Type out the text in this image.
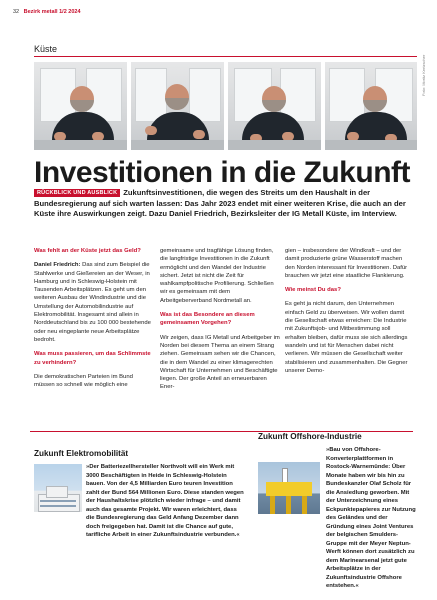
32 Bezirk metall 1/2 2024
Küste
Foto: Moritz Kertzscher
Investitionen in die Zukunft
RÜCKBLICK UND AUSBLICK Zukunftsinvestitionen, die wegen des Streits um den Haushalt in der Bundesregierung auf sich warten lassen: Das Jahr 2023 endet mit einer weiteren Krise, die auch an der Küste ihre Auswirkungen zeigt. Dazu Daniel Friedrich, Bezirksleiter der IG Metall Küste, im Interview.

Was fehlt an der Küste jetzt das Geld?

Daniel Friedrich: Das sind zum Beispiel die Stahlwerke und Gießereien an der Weser, in Hamburg und in Schleswig-Holstein mit Tausenden Arbeitsplätzen. Es geht um den weiteren Ausbau der Windindustrie und die Umstellung der Automobilindustrie auf Elektromobilität. Insgesamt sind allein in Norddeutschland bis zu 100 000 bestehende oder neu eingeplante neue Arbeitsplätze bedroht.

Was muss passieren, um das Schlimmste zu verhindern?

Die demokratischen Parteien im Bund müssen so schnell wie möglich eine

gemeinsame und tragfähige Lösung finden, die langfristige Investitionen in die Zukunft ermöglicht und den Wandel der Industrie sichert. Jetzt ist nicht die Zeit für wahlkampfpolitische Profilierung. Schließen wir es gemeinsam mit dem Arbeitgeberverband Nordmetall an.

Was ist das Besondere an diesem gemeinsamen Vorgehen?

Wir zeigen, dass IG Metall und Arbeitgeber im Norden bei diesem Thema an einem Strang ziehen. Gemeinsam sehen wir die Chancen, die in dem Wandel zu einer klimagerechten Wirtschaft für Unternehmen und Beschäftigte liegen. Der große Anteil an erneuerbaren Ener-

gien – insbesondere der Windkraft – und der damit produzierte grüne Wasserstoff machen den Norden interessant für Investitionen. Dafür brauchen wir jetzt eine staatliche Flankierung.

Wie meinst Du das?

Es geht ja nicht darum, den Unternehmen einfach Geld zu überweisen. Wir wollen damit die Gesellschaft etwas erreichen: Die Industrie mit Zukunftsjob- und Mitbestimmung soll erhalten bleiben, dafür muss sie sich allerdings wandeln und ist für Menschen dabei nicht verlieren. Wir müssen die Gesellschaft weiter stabilisieren und zusammenhalten. Die Gegner unserer Demo-

Zukunft Elektromobilität
»Der Batteriezellhersteller Northvolt will ein Werk mit 3000 Beschäftigten in Heide in Schleswig-Holstein bauen. Von der 4,5 Milliarden Euro teuren Investition zahlt der Bund 564 Millionen Euro. Diese standen wegen der Haushaltskrise plötzlich wieder infrage – und damit auch das gesamte Projekt. Wir waren erleichtert, dass die Bundesregierung das Geld Anfang Dezember dann doch freigegeben hat. Damit ist die Chance auf gute, tarifliche Arbeit in einer Zukunftsindustrie verbunden.«
Zukunft Offshore-Industrie
»Bau von Offshore-Konverterplattformen in Rostock-Warnemünde: Über Monate haben wir bis hin zu Bundeskanzler Olaf Scholz für die Ansiedlung geworben. Mit der Unterzeichnung eines Eckpunktepapieres zur Nutzung des Geländes und der Gründung eines Joint Ventures der belgischen Smulders-Gruppe mit der Meyer Neptun-Werft können dort zusätzlich zu dem Marinearsenal jetzt gute Arbeitsplätze in der Zukunftsindustrie Offshore entstehen.«
